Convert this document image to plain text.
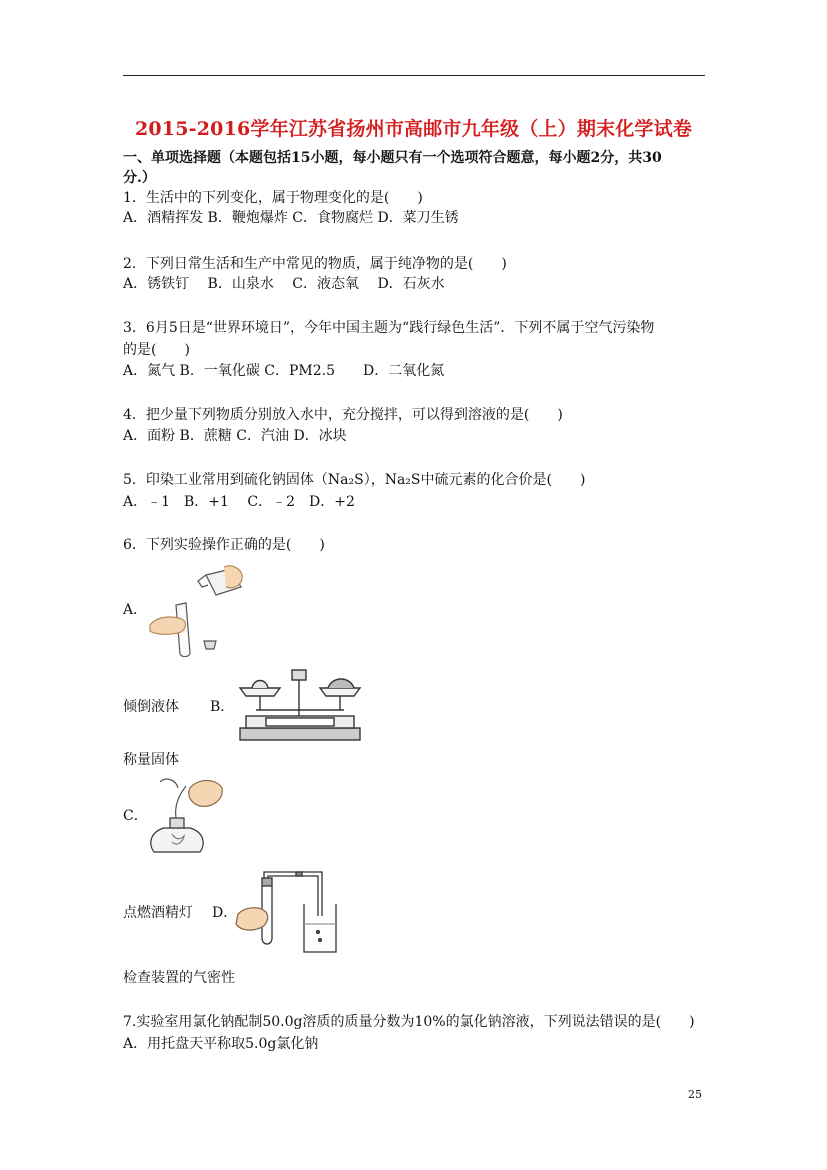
2015-2016学年江苏省扬州市高邮市九年级（上）期末化学试卷
一、单项选择题（本题包括15小题，每小题只有一个选项符合题意，每小题2分，共30
分.）
1．生活中的下列变化，属于物理变化的是(　　)
A．酒精挥发 B．鞭炮爆炸 C．食物腐烂 D．菜刀生锈
2．下列日常生活和生产中常见的物质，属于纯净物的是(　　)
A．锈铁钉　 B．山泉水　 C．液态氧　 D．石灰水
3．6月5日是“世界环境日”，今年中国主题为“践行绿色生活”．下列不属于空气污染物
的是(　　)
A．氮气 B．一氧化碳 C．PM2.5　　D．二氧化氮
4．把少量下列物质分别放入水中，充分搅拌，可以得到溶液的是(　　)
A．面粉 B．蔗糖 C．汽油 D．冰块
5．印染工业常用到硫化钠固体（Na₂S），Na₂S中硫元素的化合价是(　　)
A．﹣1　B．+1　 C．﹣2　D．+2
6．下列实验操作正确的是(　　)
A．
倾倒液体 B．
称量固体
C．
点燃酒精灯 D．
检查装置的气密性
7.实验室用氯化钠配制50.0g溶质的质量分数为10%的氯化钠溶液，下列说法错误的是(　　)
A．用托盘天平称取5.0g氯化钠
25
